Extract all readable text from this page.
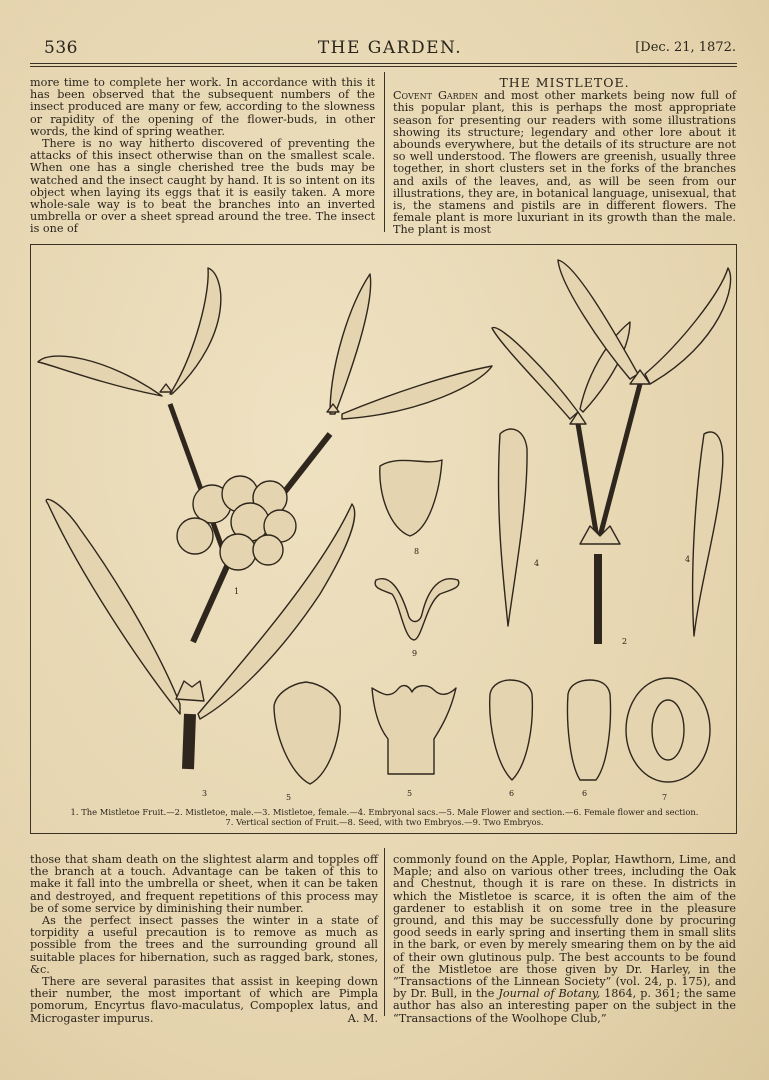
536	THE GARDEN.	[Dec. 21, 1872.

more time to complete her work. In accordance with this it has been observed that the subsequent numbers of the insect produced are many or few, according to the slowness or rapidity of the opening of the flower-buds, in other words, the kind of spring weather.

There is no way hitherto discovered of preventing the attacks of this insect otherwise than on the smallest scale. When one has a single cherished tree the buds may be watched and the insect caught by hand. It is so intent on its object when laying its eggs that it is easily taken. A more whole-sale way is to beat the branches into an inverted umbrella or over a sheet spread around the tree. The insect is one of

THE MISTLETOE.

Covent Garden and most other markets being now full of this popular plant, this is perhaps the most appropriate season for presenting our readers with some illustrations showing its structure; legendary and other lore about it abounds everywhere, but the details of its structure are not so well understood. The flowers are greenish, usually three together, in short clusters set in the forks of the branches and axils of the leaves, and, as will be seen from our illustrations, they are, in botanical language, unisexual, that is, the stamens and pistils are in different flowers. The female plant is more luxuriant in its growth than the male. The plant is most

1
2
3
4	4
5	5	6	6	7
8
9
1. The Mistletoe Fruit.—2. Mistletoe, male.—3. Mistletoe, female.—4. Embryonal sacs.—5. Male Flower and section.—6. Female flower and section.
7. Vertical section of Fruit.—8. Seed, with two Embryos.—9. Two Embryos.

those that sham death on the slightest alarm and topples off the branch at a touch. Advantage can be taken of this to make it fall into the umbrella or sheet, when it can be taken and destroyed, and frequent repetitions of this process may be of some service by diminishing their number.

As the perfect insect passes the winter in a state of torpidity a useful precaution is to remove as much as possible from the trees and the surrounding ground all suitable places for hibernation, such as ragged bark, stones, &c.

There are several parasites that assist in keeping down their number, the most important of which are Pimpla pomorum, Encyrtus flavo-maculatus, Compoplex latus, and Microgaster impurus.	A. M.

commonly found on the Apple, Poplar, Hawthorn, Lime, and Maple; and also on various other trees, including the Oak and Chestnut, though it is rare on these. In districts in which the Mistletoe is scarce, it is often the aim of the gardener to establish it on some tree in the pleasure ground, and this may be successfully done by procuring good seeds in early spring and inserting them in small slits in the bark, or even by merely smearing them on by the aid of their own glutinous pulp. The best accounts to be found of the Mistletoe are those given by Dr. Harley, in the “Transactions of the Linnean Society” (vol. 24, p. 175), and by Dr. Bull, in the Journal of Botany, 1864, p. 361; the same author has also an interesting paper on the subject in the “Transactions of the Woolhope Club,”
